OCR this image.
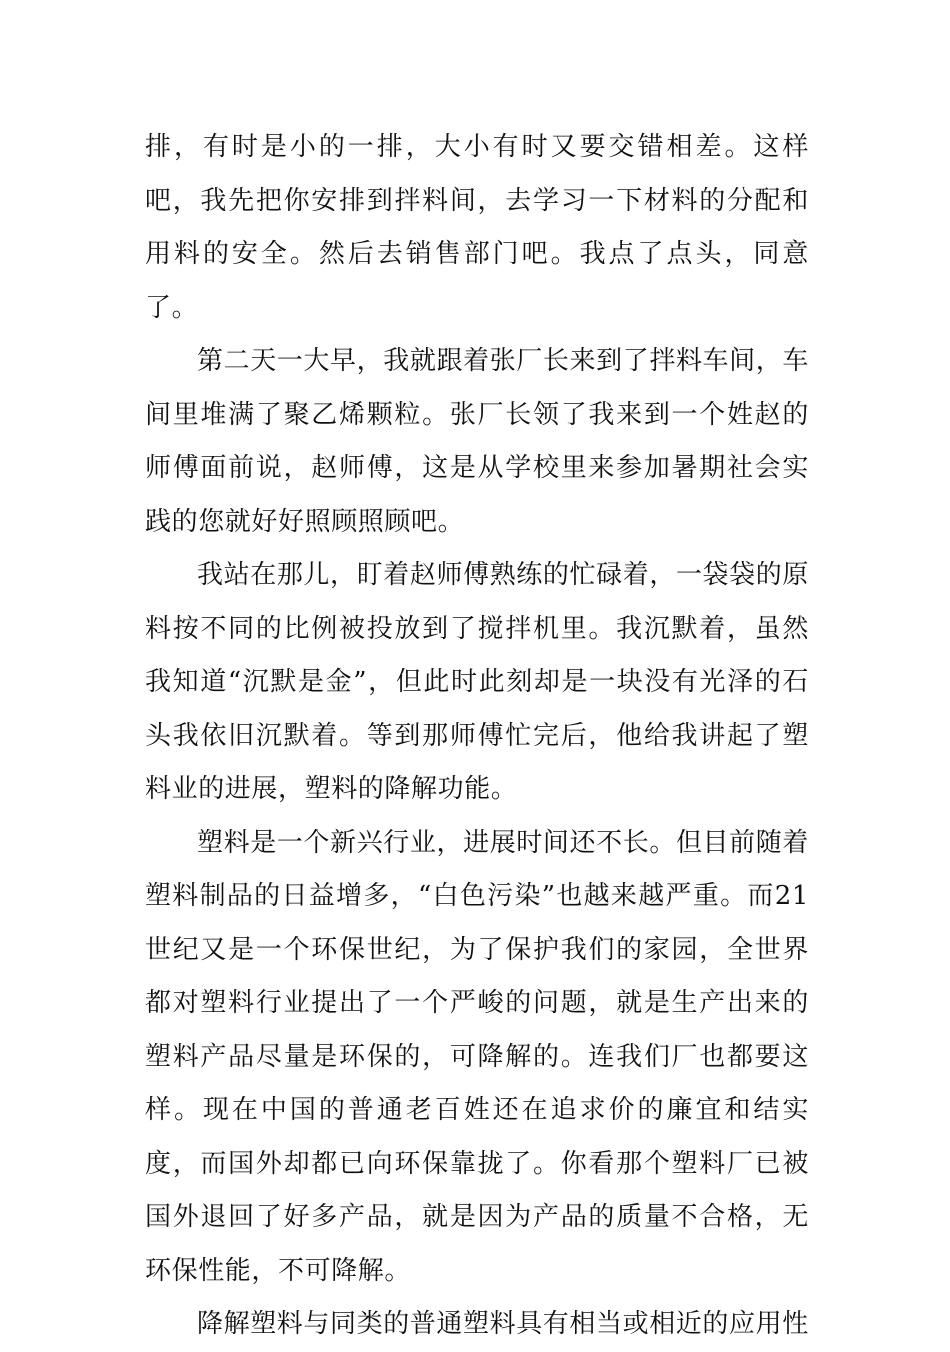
排，有时是小的一排，大小有时又要交错相差。这样吧，我先把你安排到拌料间，去学习一下材料的分配和用料的安全。然后去销售部门吧。我点了点头，同意了。

第二天一大早，我就跟着张厂长来到了拌料车间，车间里堆满了聚乙烯颗粒。张厂长领了我来到一个姓赵的师傅面前说，赵师傅，这是从学校里来参加暑期社会实践的您就好好照顾照顾吧。

我站在那儿，盯着赵师傅熟练的忙碌着，一袋袋的原料按不同的比例被投放到了搅拌机里。我沉默着，虽然我知道“沉默是金”，但此时此刻却是一块没有光泽的石头我依旧沉默着。等到那师傅忙完后，他给我讲起了塑料业的进展，塑料的降解功能。

塑料是一个新兴行业，进展时间还不长。但目前随着塑料制品的日益增多，“白色污染”也越来越严重。而21世纪又是一个环保世纪，为了保护我们的家园，全世界都对塑料行业提出了一个严峻的问题，就是生产出来的塑料产品尽量是环保的，可降解的。连我们厂也都要这样。现在中国的普通老百姓还在追求价的廉宜和结实度，而国外却都已向环保靠拢了。你看那个塑料厂已被国外退回了好多产品，就是因为产品的质量不合格，无环保性能，不可降解。

降解塑料与同类的普通塑料具有相当或相近的应用性
